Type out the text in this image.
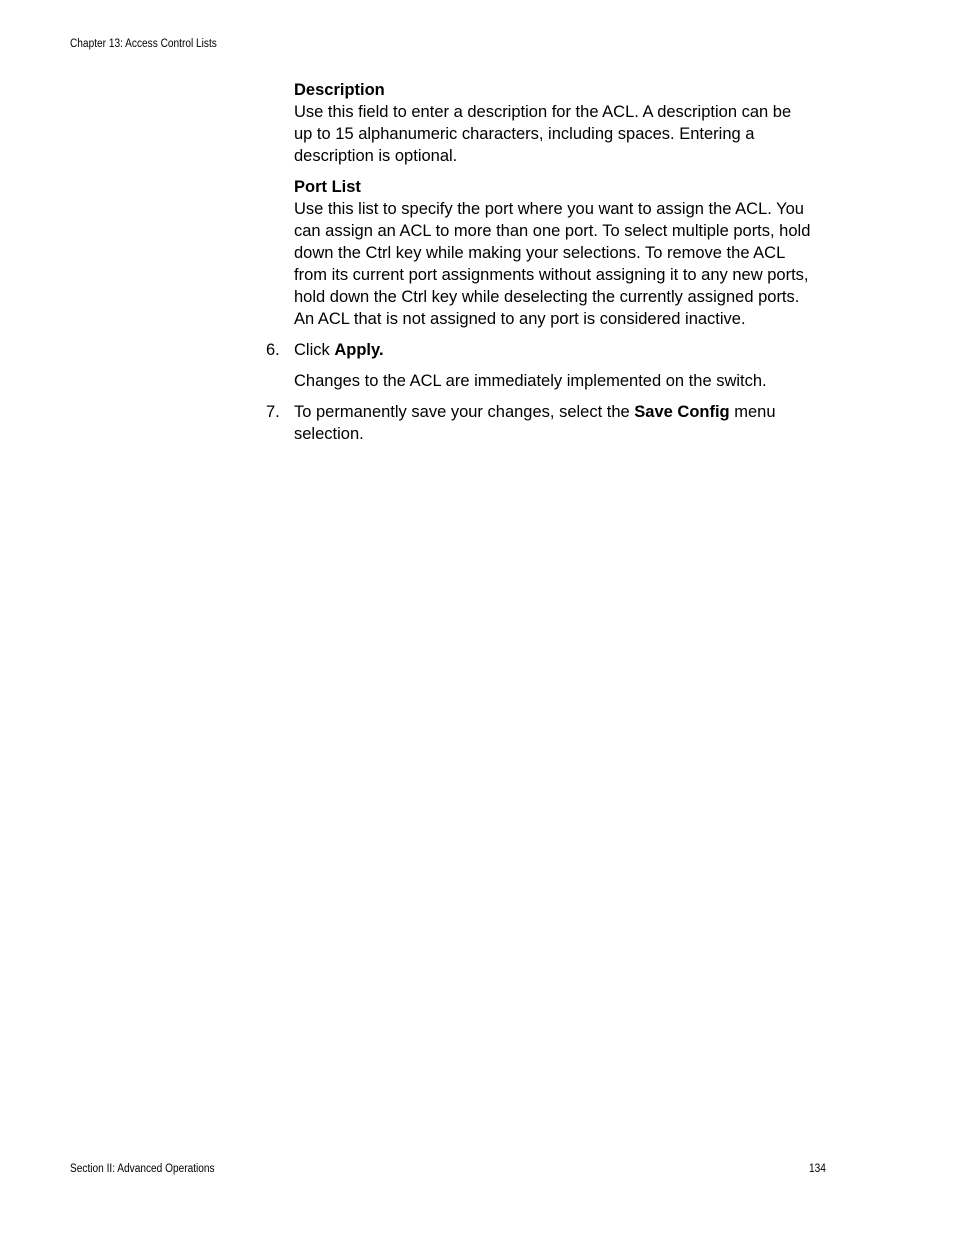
Chapter 13: Access Control Lists
Description
Use this field to enter a description for the ACL. A description can be up to 15 alphanumeric characters, including spaces. Entering a description is optional.
Port List
Use this list to specify the port where you want to assign the ACL. You can assign an ACL to more than one port. To select multiple ports, hold down the Ctrl key while making your selections. To remove the ACL from its current port assignments without assigning it to any new ports, hold down the Ctrl key while deselecting the currently assigned ports. An ACL that is not assigned to any port is considered inactive.
6. Click Apply.

Changes to the ACL are immediately implemented on the switch.

7. To permanently save your changes, select the Save Config menu selection.

Section II: Advanced Operations	134
